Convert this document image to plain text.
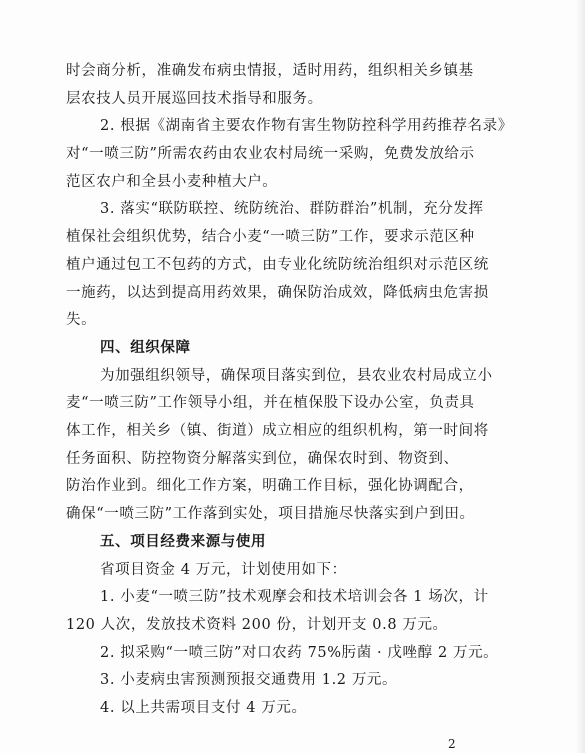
时会商分析，准确发布病虫情报，适时用药，组织相关乡镇基
层农技人员开展巡回技术指导和服务。
2. 根据《湖南省主要农作物有害生物防控科学用药推荐名录》
对“一喷三防”所需农药由农业农村局统一采购，免费发放给示
范区农户和全县小麦种植大户。
3. 落实“联防联控、统防统治、群防群治”机制，充分发挥
植保社会组织优势，结合小麦“一喷三防”工作，要求示范区种
植户通过包工不包药的方式，由专业化统防统治组织对示范区统
一施药，以达到提高用药效果，确保防治成效，降低病虫危害损
失。
四、组织保障
为加强组织领导，确保项目落实到位，县农业农村局成立小
麦“一喷三防”工作领导小组，并在植保股下设办公室，负责具
体工作，相关乡（镇、街道）成立相应的组织机构，第一时间将
任务面积、防控物资分解落实到位，确保农时到、物资到、
防治作业到。细化工作方案，明确工作目标，强化协调配合，
确保“一喷三防”工作落到实处，项目措施尽快落实到户到田。
五、项目经费来源与使用
省项目资金 4 万元，计划使用如下：
1. 小麦“一喷三防”技术观摩会和技术培训会各 1 场次，计
120 人次，发放技术资料 200 份，计划开支 0.8 万元。
2. 拟采购“一喷三防”对口农药 75%肟菌 · 戊唑醇 2 万元。
3. 小麦病虫害预测预报交通费用 1.2 万元。
4. 以上共需项目支付 4 万元。
2
